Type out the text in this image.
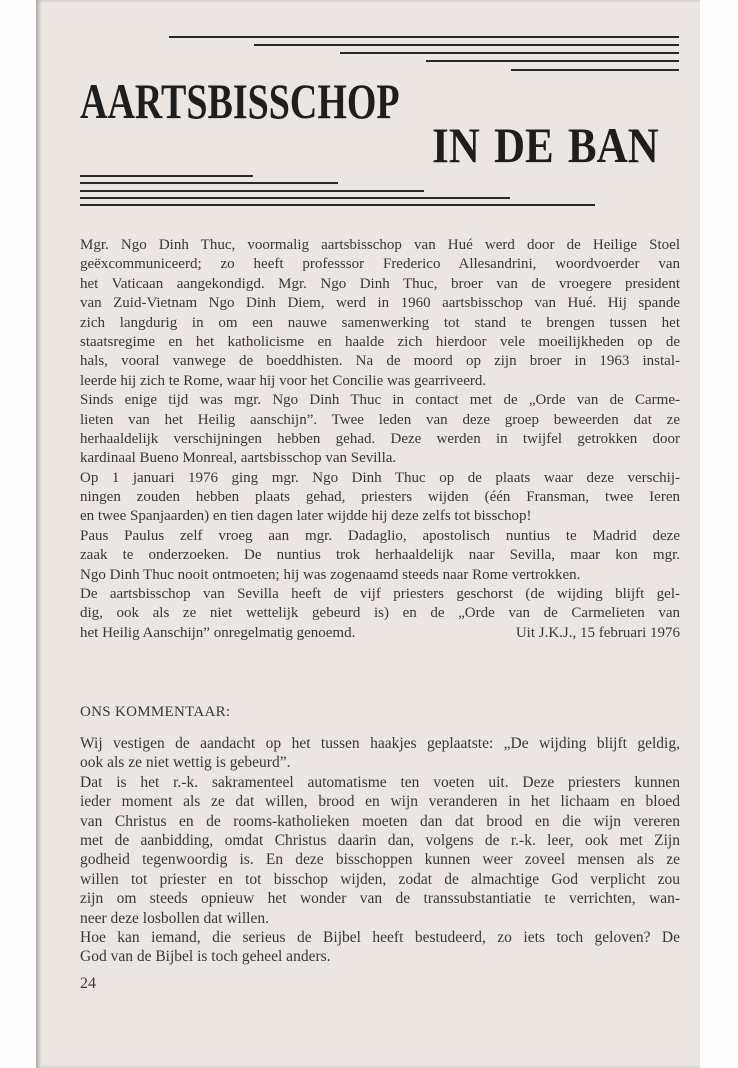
AARTSBISSCHOP
IN DE BAN
Mgr. Ngo Dinh Thuc, voormalig aartsbisschop van Hué werd door de Heilige Stoel
geëxcommuniceerd; zo heeft professsor Frederico Allesandrini, woordvoerder van
het Vaticaan aangekondigd. Mgr. Ngo Dinh Thuc, broer van de vroegere president
van Zuid-Vietnam Ngo Dinh Diem, werd in 1960 aartsbisschop van Hué. Hij spande
zich langdurig in om een nauwe samenwerking tot stand te brengen tussen het
staatsregime en het katholicisme en haalde zich hierdoor vele moeilijkheden op de
hals, vooral vanwege de boeddhisten. Na de moord op zijn broer in 1963 instal-
leerde hij zich te Rome, waar hij voor het Concilie was gearriveerd.
Sinds enige tijd was mgr. Ngo Dinh Thuc in contact met de „Orde van de Carme-
lieten van het Heilig aanschijn”. Twee leden van deze groep beweerden dat ze
herhaaldelijk verschijningen hebben gehad. Deze werden in twijfel getrokken door
kardinaal Bueno Monreal, aartsbisschop van Sevilla.
Op 1 januari 1976 ging mgr. Ngo Dinh Thuc op de plaats waar deze verschij-
ningen zouden hebben plaats gehad, priesters wijden (één Fransman, twee Ieren
en twee Spanjaarden) en tien dagen later wijdde hij deze zelfs tot bisschop!
Paus Paulus zelf vroeg aan mgr. Dadaglio, apostolisch nuntius te Madrid deze
zaak te onderzoeken. De nuntius trok herhaaldelijk naar Sevilla, maar kon mgr.
Ngo Dinh Thuc nooit ontmoeten; hij was zogenaamd steeds naar Rome vertrokken.
De aartsbisschop van Sevilla heeft de vijf priesters geschorst (de wijding blijft gel-
dig, ook als ze niet wettelijk gebeurd is) en de „Orde van de Carmelieten van
het Heilig Aanschijn” onregelmatig genoemd.	Uit J.K.J., 15 februari 1976
ONS KOMMENTAAR:
Wij vestigen de aandacht op het tussen haakjes geplaatste: „De wijding blijft geldig,
ook als ze niet wettig is gebeurd”.
Dat is het r.-k. sakramenteel automatisme ten voeten uit. Deze priesters kunnen
ieder moment als ze dat willen, brood en wijn veranderen in het lichaam en bloed
van Christus en de rooms-katholieken moeten dan dat brood en die wijn vereren
met de aanbidding, omdat Christus daarin dan, volgens de r.-k. leer, ook met Zijn
godheid tegenwoordig is. En deze bisschoppen kunnen weer zoveel mensen als ze
willen tot priester en tot bisschop wijden, zodat de almachtige God verplicht zou
zijn om steeds opnieuw het wonder van de transsubstantiatie te verrichten, wan-
neer deze losbollen dat willen.
Hoe kan iemand, die serieus de Bijbel heeft bestudeerd, zo iets toch geloven? De
God van de Bijbel is toch geheel anders.
24
